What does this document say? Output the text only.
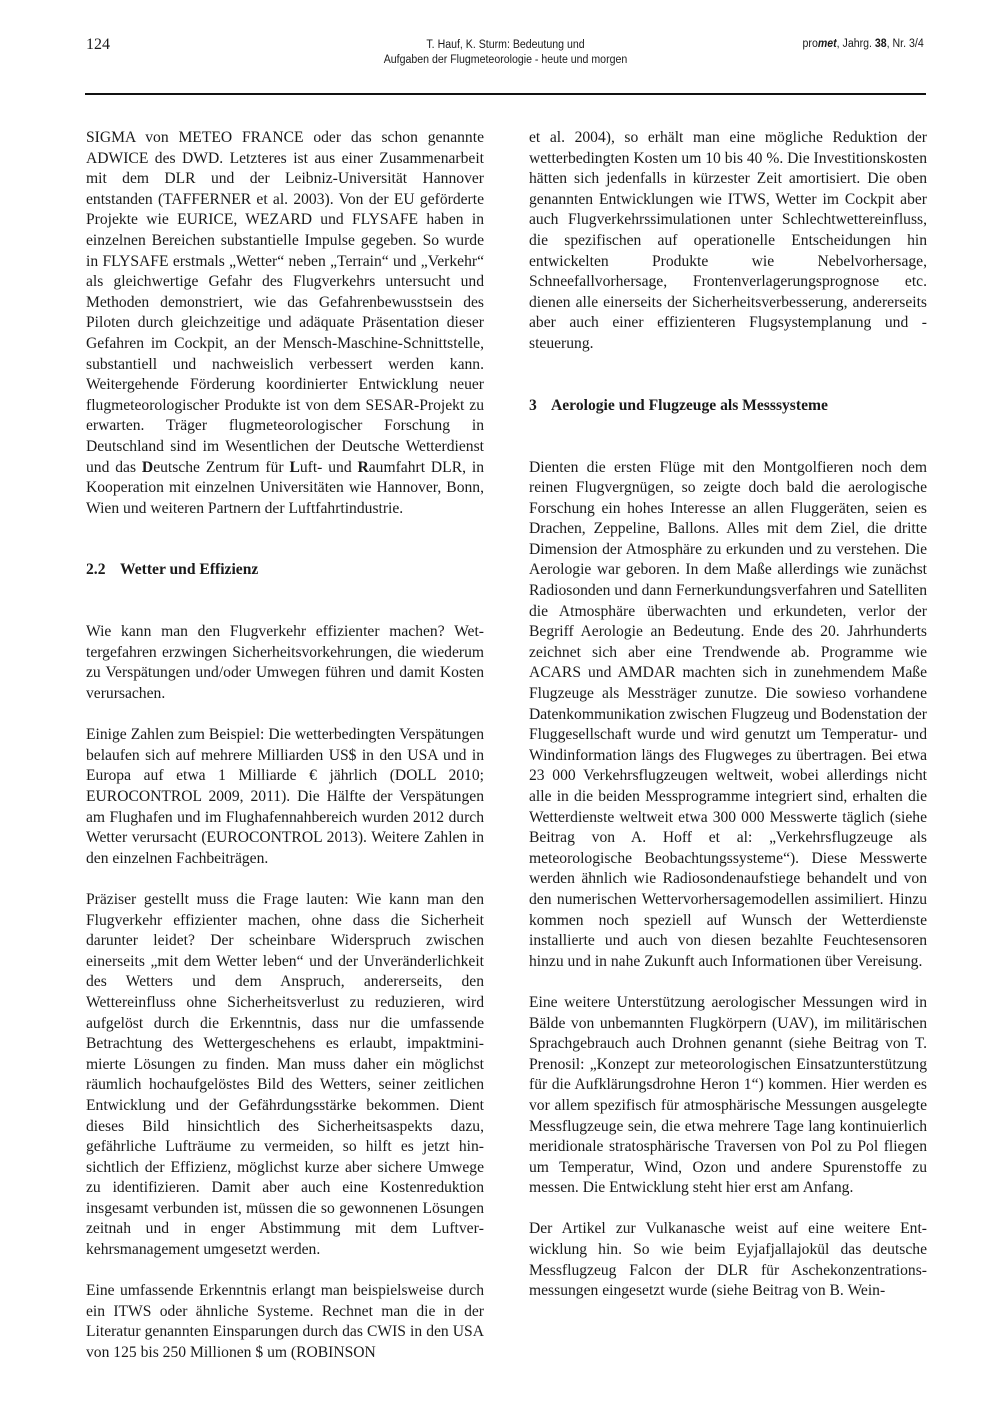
124	T. Hauf, K. Sturm: Bedeutung und
Aufgaben der Flugmeteorologie - heute und morgen
promet, Jahrg. 38, Nr. 3/4

SIGMA von METEO FRANCE oder das schon genannte ADWICE des DWD. Letzteres ist aus einer Zusammenarbeit mit dem DLR und der Leibniz-Universität Hannover entstanden (TAFFERNER et al. 2003). Von der EU geförderte Projekte wie EURICE, WEZARD und FLYSAFE haben in einzelnen Bereichen substantielle Impulse gegeben. So wurde in FLYSAFE erstmals „Wetter“ neben „Terrain“ und „Verkehr“ als gleichwertige Gefahr des Flugverkehrs untersucht und Methoden demonstriert, wie das Gefahrenbewusstsein des Piloten durch gleichzeitige und adäquate Präsentation dieser Gefahren im Cockpit, an der Mensch-Maschine-Schnittstelle, substantiell und nachweislich verbessert werden kann. Weitergehende Förderung koordinierter Entwicklung neuer flugmeteorologischer Produkte ist von dem SESAR-Projekt zu erwarten. Träger flugmeteorologischer Forschung in Deutschland sind im Wesentlichen der Deutsche Wetterdienst und das Deutsche Zentrum für Luft- und Raumfahrt DLR, in Kooperation mit einzelnen Universitäten wie Hannover, Bonn, Wien und weiteren Partnern der Luftfahrtindustrie.

2.2 Wetter und Effizienz

Wie kann man den Flugverkehr effizienter machen? Wettergefahren erzwingen Sicherheitsvorkehrungen, die wiederum zu Verspätungen und/oder Umwegen führen und damit Kosten verursachen.

Einige Zahlen zum Beispiel: Die wetterbedingten Verspätungen belaufen sich auf mehrere Milliarden US$ in den USA und in Europa auf etwa 1 Milliarde € jährlich (DOLL 2010; EUROCONTROL 2009, 2011). Die Hälfte der Verspätungen am Flughafen und im Flughafennahbereich wurden 2012 durch Wetter verursacht (EUROCONTROL 2013). Weitere Zahlen in den einzelnen Fachbeiträgen.

Präziser gestellt muss die Frage lauten: Wie kann man den Flugverkehr effizienter machen, ohne dass die Sicherheit darunter leidet? Der scheinbare Widerspruch zwischen einerseits „mit dem Wetter leben“ und der Unveränderlichkeit des Wetters und dem Anspruch, andererseits, den Wettereinfluss ohne Sicherheitsverlust zu reduzieren, wird aufgelöst durch die Erkenntnis, dass nur die umfassende Betrachtung des Wettergeschehens es erlaubt, impaktminimierte Lösungen zu finden. Man muss daher ein möglichst räumlich hochaufgelöstes Bild des Wetters, seiner zeitlichen Entwicklung und der Gefährdungsstärke bekommen. Dient dieses Bild hinsichtlich des Sicherheitsaspekts dazu, gefährliche Lufträume zu vermeiden, so hilft es jetzt hinsichtlich der Effizienz, möglichst kurze aber sichere Umwege zu identifizieren. Damit aber auch eine Kostenreduktion insgesamt verbunden ist, müssen die so gewonnenen Lösungen zeitnah und in enger Abstimmung mit dem Luftverkehrsmanagement umgesetzt werden.

Eine umfassende Erkenntnis erlangt man beispielsweise durch ein ITWS oder ähnliche Systeme. Rechnet man die in der Literatur genannten Einsparungen durch das CWIS in den USA von 125 bis 250 Millionen $ um (ROBINSON

et al. 2004), so erhält man eine mögliche Reduktion der wetterbedingten Kosten um 10 bis 40 %. Die Investitionskosten hätten sich jedenfalls in kürzester Zeit amortisiert. Die oben genannten Entwicklungen wie ITWS, Wetter im Cockpit aber auch Flugverkehrssimulationen unter Schlechtwettereinfluss, die spezifischen auf operationelle Entscheidungen hin entwickelten Produkte wie Nebelvorhersage, Schneefallvorhersage, Frontenverlagerungsprognose etc. dienen alle einerseits der Sicherheitsverbesserung, andererseits aber auch einer effizienteren Flugsystemplanung und -steuerung.

3 Aerologie und Flugzeuge als Messsysteme

Dienten die ersten Flüge mit den Montgolfieren noch dem reinen Flugvergnügen, so zeigte doch bald die aerologische Forschung ein hohes Interesse an allen Fluggeräten, seien es Drachen, Zeppeline, Ballons. Alles mit dem Ziel, die dritte Dimension der Atmosphäre zu erkunden und zu verstehen. Die Aerologie war geboren. In dem Maße allerdings wie zunächst Radiosonden und dann Fernerkundungsverfahren und Satelliten die Atmosphäre überwachten und erkundeten, verlor der Begriff Aerologie an Bedeutung. Ende des 20. Jahrhunderts zeichnet sich aber eine Trendwende ab. Programme wie ACARS und AMDAR machten sich in zunehmendem Maße Flugzeuge als Messträger zunutze. Die sowieso vorhandene Datenkommunikation zwischen Flugzeug und Bodenstation der Fluggesellschaft wurde und wird genutzt um Temperatur- und Windinformation längs des Flugweges zu übertragen. Bei etwa 23 000 Verkehrsflugzeugen weltweit, wobei allerdings nicht alle in die beiden Messprogramme integriert sind, erhalten die Wetterdienste weltweit etwa 300 000 Messwerte täglich (siehe Beitrag von A. Hoff et al: „Verkehrsflugzeuge als meteorologische Beobachtungssysteme“). Diese Messwerte werden ähnlich wie Radiosondenaufstiege behandelt und von den numerischen Wettervorhersagemodellen assimiliert. Hinzu kommen noch speziell auf Wunsch der Wetterdienste installierte und auch von diesen bezahlte Feuchtesensoren hinzu und in nahe Zukunft auch Informationen über Vereisung.

Eine weitere Unterstützung aerologischer Messungen wird in Bälde von unbemannten Flugkörpern (UAV), im militärischen Sprachgebrauch auch Drohnen genannt (siehe Beitrag von T. Prenosil: „Konzept zur meteorologischen Einsatzunterstützung für die Aufklärungsdrohne Heron 1“) kommen. Hier werden es vor allem spezifisch für atmosphärische Messungen ausgelegte Messflugzeuge sein, die etwa mehrere Tage lang kontinuierlich meridionale stratosphärische Traversen von Pol zu Pol fliegen um Temperatur, Wind, Ozon und andere Spurenstoffe zu messen. Die Entwicklung steht hier erst am Anfang.

Der Artikel zur Vulkanasche weist auf eine weitere Entwicklung hin. So wie beim Eyjafjallajokül das deutsche Messflugzeug Falcon der DLR für Aschekonzentrationsmessungen eingesetzt wurde (siehe Beitrag von B. Wein-
